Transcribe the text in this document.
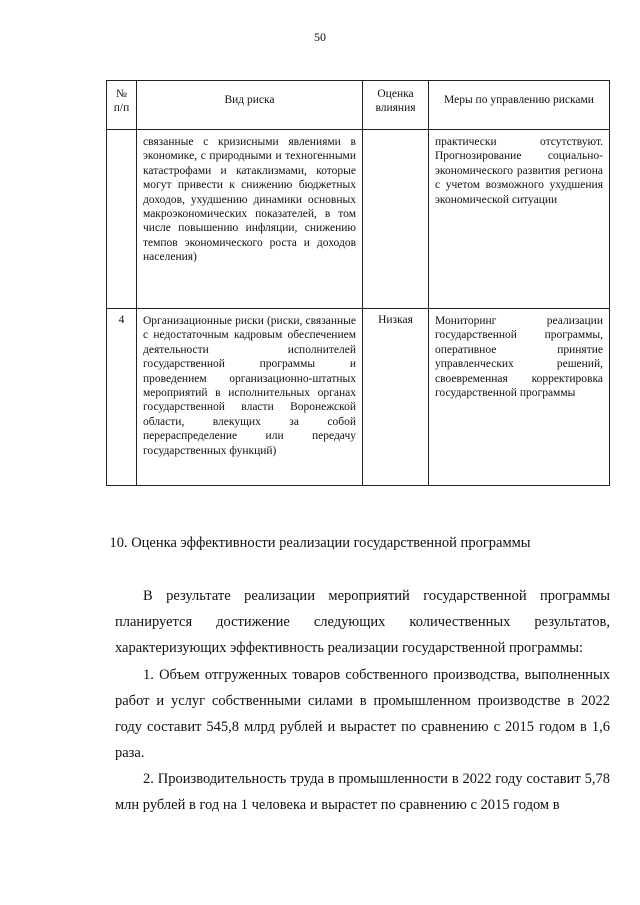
50
№
п/п	Вид риска	Оценка влияния	Меры по управлению рисками

	связанные с кризисными явлениями в экономике, с природными и техногенными катастрофами и катаклизмами, которые могут привести к снижению бюджетных доходов, ухудшению динамики основных макроэкономических показателей, в том числе повышению инфляции, снижению темпов экономического роста и доходов населения)		практически отсутствуют. Прогнозирование социально-экономического развития региона с учетом возможного ухудшения экономической ситуации

4	Организационные риски (риски, связанные с недостаточным кадровым обеспечением деятельности исполнителей государственной программы и проведением организационно-штатных мероприятий в исполнительных органах государственной власти Воронежской области, влекущих за собой перераспределение или передачу государственных функций)	Низкая	Мониторинг реализации государственной программы, оперативное принятие управленческих решений, своевременная корректировка государственной программы
10. Оценка эффективности реализации государственной программы

В результате реализации мероприятий государственной программы планируется достижение следующих количественных результатов, характеризующих эффективность реализации государственной программы:

1. Объем отгруженных товаров собственного производства, выполненных работ и услуг собственными силами в промышленном производстве в 2022 году составит 545,8 млрд рублей и вырастет по сравнению с 2015 годом в 1,6 раза.

2. Производительность труда в промышленности в 2022 году составит 5,78 млн рублей в год на 1 человека и вырастет по сравнению с 2015 годом в
